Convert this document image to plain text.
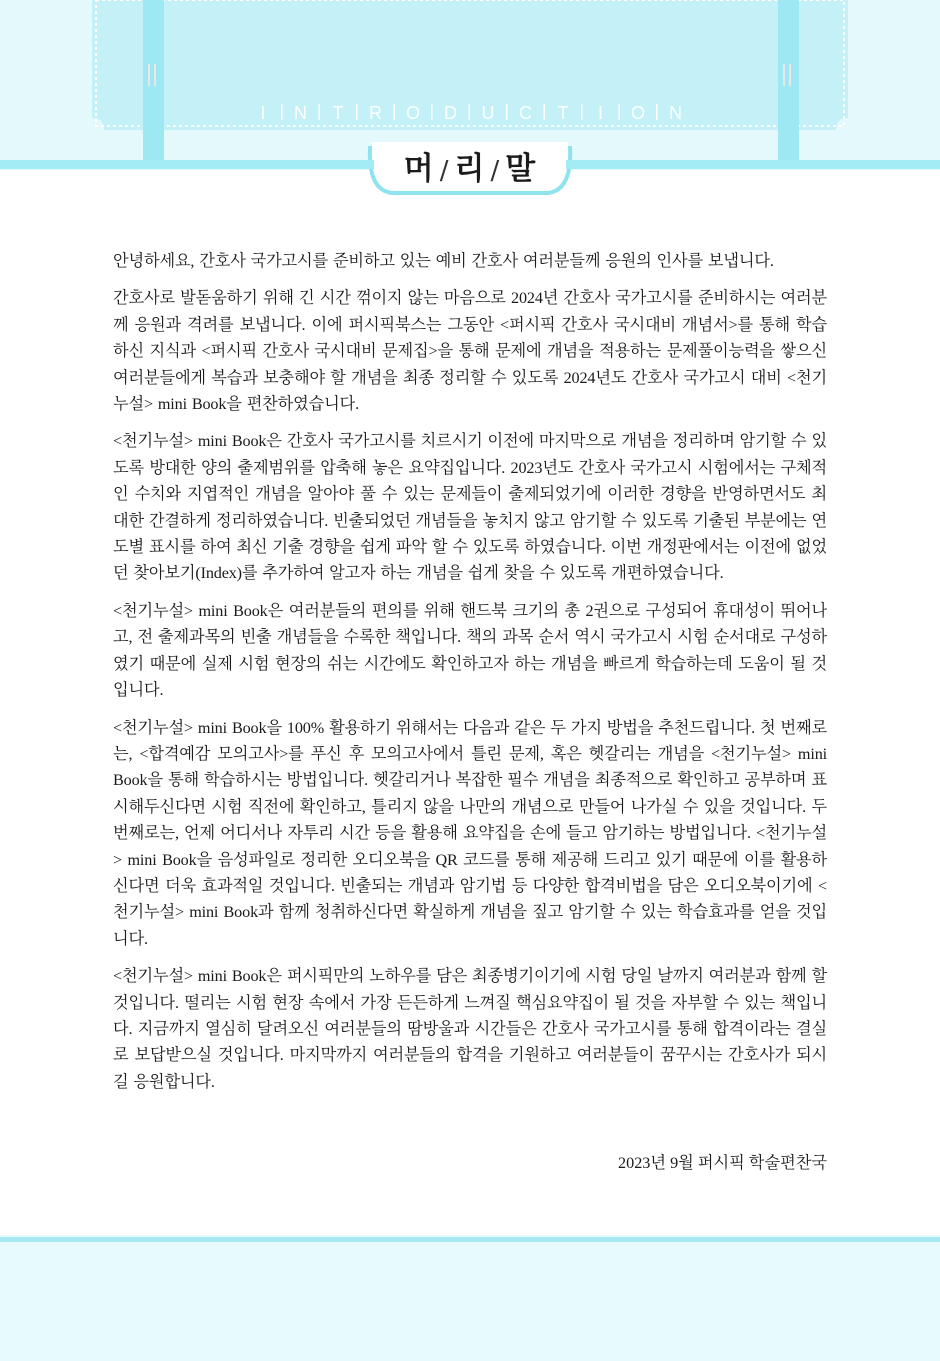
I N T R O D U C T I O N
머 / 리 / 말

안녕하세요, 간호사 국가고시를 준비하고 있는 예비 간호사 여러분들께 응원의 인사를 보냅니다.

간호사로 발돋움하기 위해 긴 시간 꺾이지 않는 마음으로 2024년 간호사 국가고시를 준비하시는 여러분께 응원과 격려를 보냅니다. 이에 퍼시픽북스는 그동안 <퍼시픽 간호사 국시대비 개념서>를 통해 학습하신 지식과 <퍼시픽 간호사 국시대비 문제집>을 통해 문제에 개념을 적용하는 문제풀이능력을 쌓으신 여러분들에게 복습과 보충해야 할 개념을 최종 정리할 수 있도록 2024년도 간호사 국가고시 대비 <천기누설> mini Book을 편찬하였습니다.

<천기누설> mini Book은 간호사 국가고시를 치르시기 이전에 마지막으로 개념을 정리하며 암기할 수 있도록 방대한 양의 출제범위를 압축해 놓은 요약집입니다. 2023년도 간호사 국가고시 시험에서는 구체적인 수치와 지엽적인 개념을 알아야 풀 수 있는 문제들이 출제되었기에 이러한 경향을 반영하면서도 최대한 간결하게 정리하였습니다. 빈출되었던 개념들을 놓치지 않고 암기할 수 있도록 기출된 부분에는 연도별 표시를 하여 최신 기출 경향을 쉽게 파악 할 수 있도록 하였습니다. 이번 개정판에서는 이전에 없었던 찾아보기(Index)를 추가하여 알고자 하는 개념을 쉽게 찾을 수 있도록 개편하였습니다.

<천기누설> mini Book은 여러분들의 편의를 위해 핸드북 크기의 총 2권으로 구성되어 휴대성이 뛰어나고, 전 출제과목의 빈출 개념들을 수록한 책입니다. 책의 과목 순서 역시 국가고시 시험 순서대로 구성하였기 때문에 실제 시험 현장의 쉬는 시간에도 확인하고자 하는 개념을 빠르게 학습하는데 도움이 될 것입니다.

<천기누설> mini Book을 100% 활용하기 위해서는 다음과 같은 두 가지 방법을 추천드립니다. 첫 번째로는, <합격예감 모의고사>를 푸신 후 모의고사에서 틀린 문제, 혹은 헷갈리는 개념을 <천기누설> mini Book을 통해 학습하시는 방법입니다. 헷갈리거나 복잡한 필수 개념을 최종적으로 확인하고 공부하며 표시해두신다면 시험 직전에 확인하고, 틀리지 않을 나만의 개념으로 만들어 나가실 수 있을 것입니다. 두 번째로는, 언제 어디서나 자투리 시간 등을 활용해 요약집을 손에 들고 암기하는 방법입니다. <천기누설> mini Book을 음성파일로 정리한 오디오북을 QR 코드를 통해 제공해 드리고 있기 때문에 이를 활용하신다면 더욱 효과적일 것입니다. 빈출되는 개념과 암기법 등 다양한 합격비법을 담은 오디오북이기에 <천기누설> mini Book과 함께 청취하신다면 확실하게 개념을 짚고 암기할 수 있는 학습효과를 얻을 것입니다.

<천기누설> mini Book은 퍼시픽만의 노하우를 담은 최종병기이기에 시험 당일 날까지 여러분과 함께 할 것입니다. 떨리는 시험 현장 속에서 가장 든든하게 느껴질 핵심요약집이 될 것을 자부할 수 있는 책입니다. 지금까지 열심히 달려오신 여러분들의 땀방울과 시간들은 간호사 국가고시를 통해 합격이라는 결실로 보답받으실 것입니다. 마지막까지 여러분들의 합격을 기원하고 여러분들이 꿈꾸시는 간호사가 되시길 응원합니다.

2023년 9월 퍼시픽 학술편찬국
